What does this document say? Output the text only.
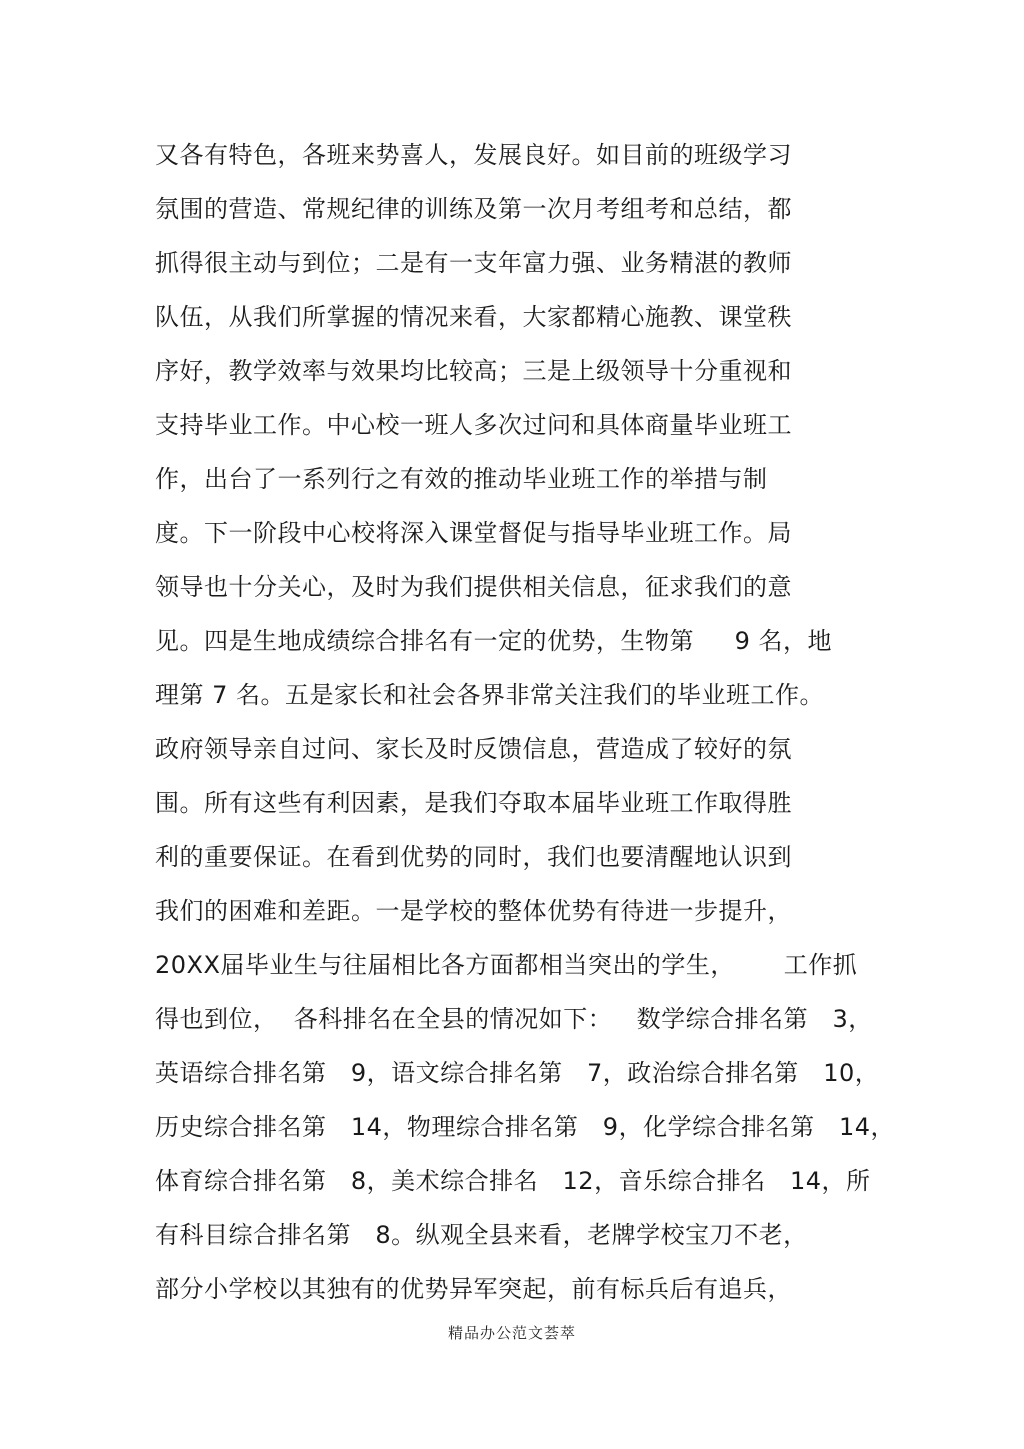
又各有特色，各班来势喜人，发展良好。如目前的班级学习
氛围的营造、常规纪律的训练及第一次月考组考和总结，都
抓得很主动与到位；二是有一支年富力强、业务精湛的教师
队伍，从我们所掌握的情况来看，大家都精心施教、课堂秩
序好，教学效率与效果均比较高；三是上级领导十分重视和
支持毕业工作。中心校一班人多次过问和具体商量毕业班工
作，出台了一系列行之有效的推动毕业班工作的举措与制
度。下一阶段中心校将深入课堂督促与指导毕业班工作。局
领导也十分关心，及时为我们提供相关信息，征求我们的意
见。四是生地成绩综合排名有一定的优势，生物第     9 名，地
理第 7 名。五是家长和社会各界非常关注我们的毕业班工作。
政府领导亲自过问、家长及时反馈信息，营造成了较好的氛
围。所有这些有利因素，是我们夺取本届毕业班工作取得胜
利的重要保证。在看到优势的同时，我们也要清醒地认识到
我们的困难和差距。一是学校的整体优势有待进一步提升，
20XX届毕业生与往届相比各方面都相当突出的学生，      工作抓
得也到位，  各科排名在全县的情况如下：   数学综合排名第   3，
英语综合排名第   9，语文综合排名第   7，政治综合排名第   10，
历史综合排名第   14，物理综合排名第   9，化学综合排名第   14，
体育综合排名第   8，美术综合排名   12，音乐综合排名   14，所
有科目综合排名第   8。纵观全县来看，老牌学校宝刀不老，
部分小学校以其独有的优势异军突起，前有标兵后有追兵，
精品办公范文荟萃
